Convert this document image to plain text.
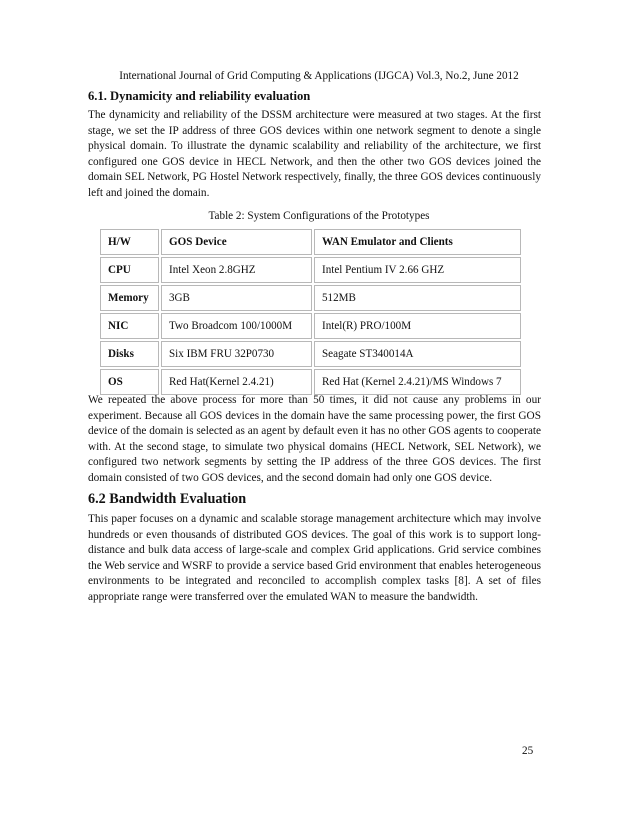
International Journal of Grid Computing & Applications (IJGCA) Vol.3, No.2, June 2012
6.1. Dynamicity and reliability evaluation

The dynamicity and reliability of the DSSM architecture were measured at two stages. At the first stage, we set the IP address of three GOS devices within one network segment to denote a single physical domain. To illustrate the dynamic scalability and reliability of the architecture, we first configured one GOS device in HECL Network, and then the other two GOS devices joined the domain SEL Network, PG Hostel Network respectively, finally, the three GOS devices continuously left and joined the domain.

Table 2: System Configurations of the Prototypes
H/W	GOS Device	WAN Emulator and Clients
CPU	Intel Xeon 2.8GHZ	Intel Pentium IV 2.66 GHZ
Memory	3GB	512MB
NIC	Two Broadcom 100/1000M	Intel(R) PRO/100M
Disks	Six IBM FRU 32P0730	Seagate ST340014A
OS	Red Hat(Kernel 2.4.21)	Red Hat (Kernel 2.4.21)/MS Windows 7

We repeated the above process for more than 50 times, it did not cause any problems in our experiment. Because all GOS devices in the domain have the same processing power, the first GOS device of the domain is selected as an agent by default even it has no other GOS agents to cooperate with. At the second stage, to simulate two physical domains (HECL Network, SEL Network), we configured two network segments by setting the IP address of the three GOS devices. The first domain consisted of two GOS devices, and the second domain had only one GOS device.

6.2 Bandwidth Evaluation

This paper focuses on a dynamic and scalable storage management architecture which may involve hundreds or even thousands of distributed GOS devices. The goal of this work is to support long-distance and bulk data access of large-scale and complex Grid applications. Grid service combines the Web service and WSRF to provide a service based Grid environment that enables heterogeneous environments to be integrated and reconciled to accomplish complex tasks [8]. A set of files appropriate range were transferred over the emulated WAN to measure the bandwidth.

25
